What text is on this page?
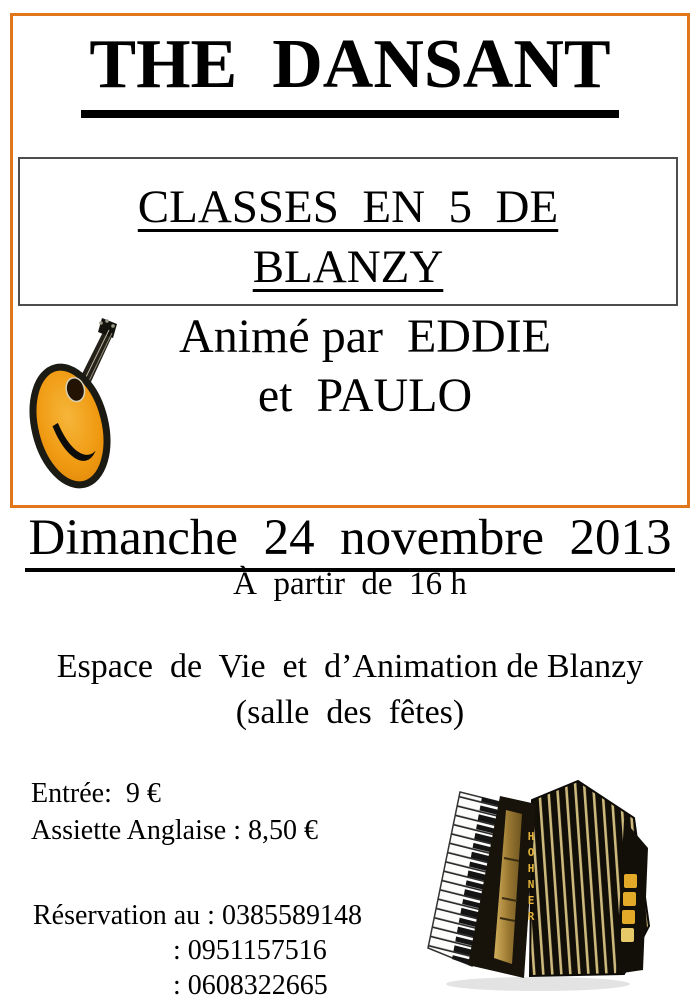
THE  DANSANT
CLASSES  EN  5  DE
BLANZY
Animé par  EDDIE
et  PAULO
Dimanche  24  novembre  2013
À  partir  de  16 h
Espace  de  Vie  et  d’Animation de Blanzy
(salle  des  fêtes)
Entrée:  9 €
Assiette Anglaise : 8,50 €
Réservation au : 0385589148
: 0951157516
: 0608322665
HOHNER
